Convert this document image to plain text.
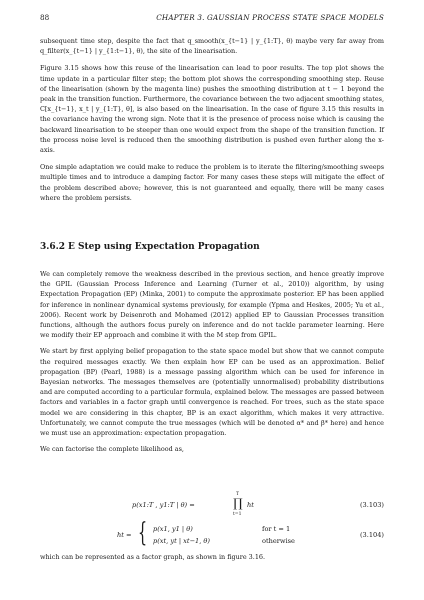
88	CHAPTER 3. GAUSSIAN PROCESS STATE SPACE MODELS

subsequent time step, despite the fact that q_smooth(x_{t−1} | y_{1:T}, θ) maybe very far away from q_filter(x_{t−1} | y_{1:t−1}, θ), the site of the linearisation.

Figure 3.15 shows how this reuse of the linearisation can lead to poor results. The top plot shows the time update in a particular filter step; the bottom plot shows the corresponding smoothing step. Reuse of the linearisation (shown by the magenta line) pushes the smoothing distribution at t − 1 beyond the peak in the transition function. Furthermore, the covariance between the two adjacent smoothing states, C[x_{t−1}, x_t | y_{1:T}, θ], is also based on the linearisation. In the case of figure 3.15 this results in the covariance having the wrong sign. Note that it is the presence of process noise which is causing the backward linearisation to be steeper than one would expect from the shape of the transition function. If the process noise level is reduced then the smoothing distribution is pushed even further along the x-axis.

One simple adaptation we could make to reduce the problem is to iterate the filtering/smoothing sweeps multiple times and to introduce a damping factor. For many cases these steps will mitigate the effect of the problem described above; however, this is not guaranteed and equally, there will be many cases where the problem persists.

3.6.2 E Step using Expectation Propagation

We can completely remove the weakness described in the previous section, and hence greatly improve the GPIL (Gaussian Process Inference and Learning (Turner et al., 2010)) algorithm, by using Expectation Propagation (EP) (Minka, 2001) to compute the approximate posterior. EP has been applied for inference in nonlinear dynamical systems previously, for example (Ypma and Heskes, 2005; Yu et al., 2006). Recent work by Deisenroth and Mohamed (2012) applied EP to Gaussian Processes transition functions, although the authors focus purely on inference and do not tackle parameter learning. Here we modify their EP approach and combine it with the M step from GPIL.

We start by first applying belief propagation to the state space model but show that we cannot compute the required messages exactly. We then explain how EP can be used as an approximation. Belief propagation (BP) (Pearl, 1988) is a message passing algorithm which can be used for inference in Bayesian networks. The messages themselves are (potentially unnormalised) probability distributions and are computed according to a particular formula, explained below. The messages are passed between factors and variables in a factor graph until convergence is reached. For trees, such as the state space model we are considering in this chapter, BP is an exact algorithm, which makes it very attractive. Unfortunately, we cannot compute the true messages (which will be denoted α* and β* here) and hence we must use an approximation: expectation propagation.

We can factorise the complete likelihood as,

p(x1:T , y1:T | θ) =
T
∏
t=1
ht	(3.103)
ht = { p(x1, y1 | θ)	for t = 1
p(xt, yt | xt−1, θ)	otherwise
(3.104)
which can be represented as a factor graph, as shown in figure 3.16.
